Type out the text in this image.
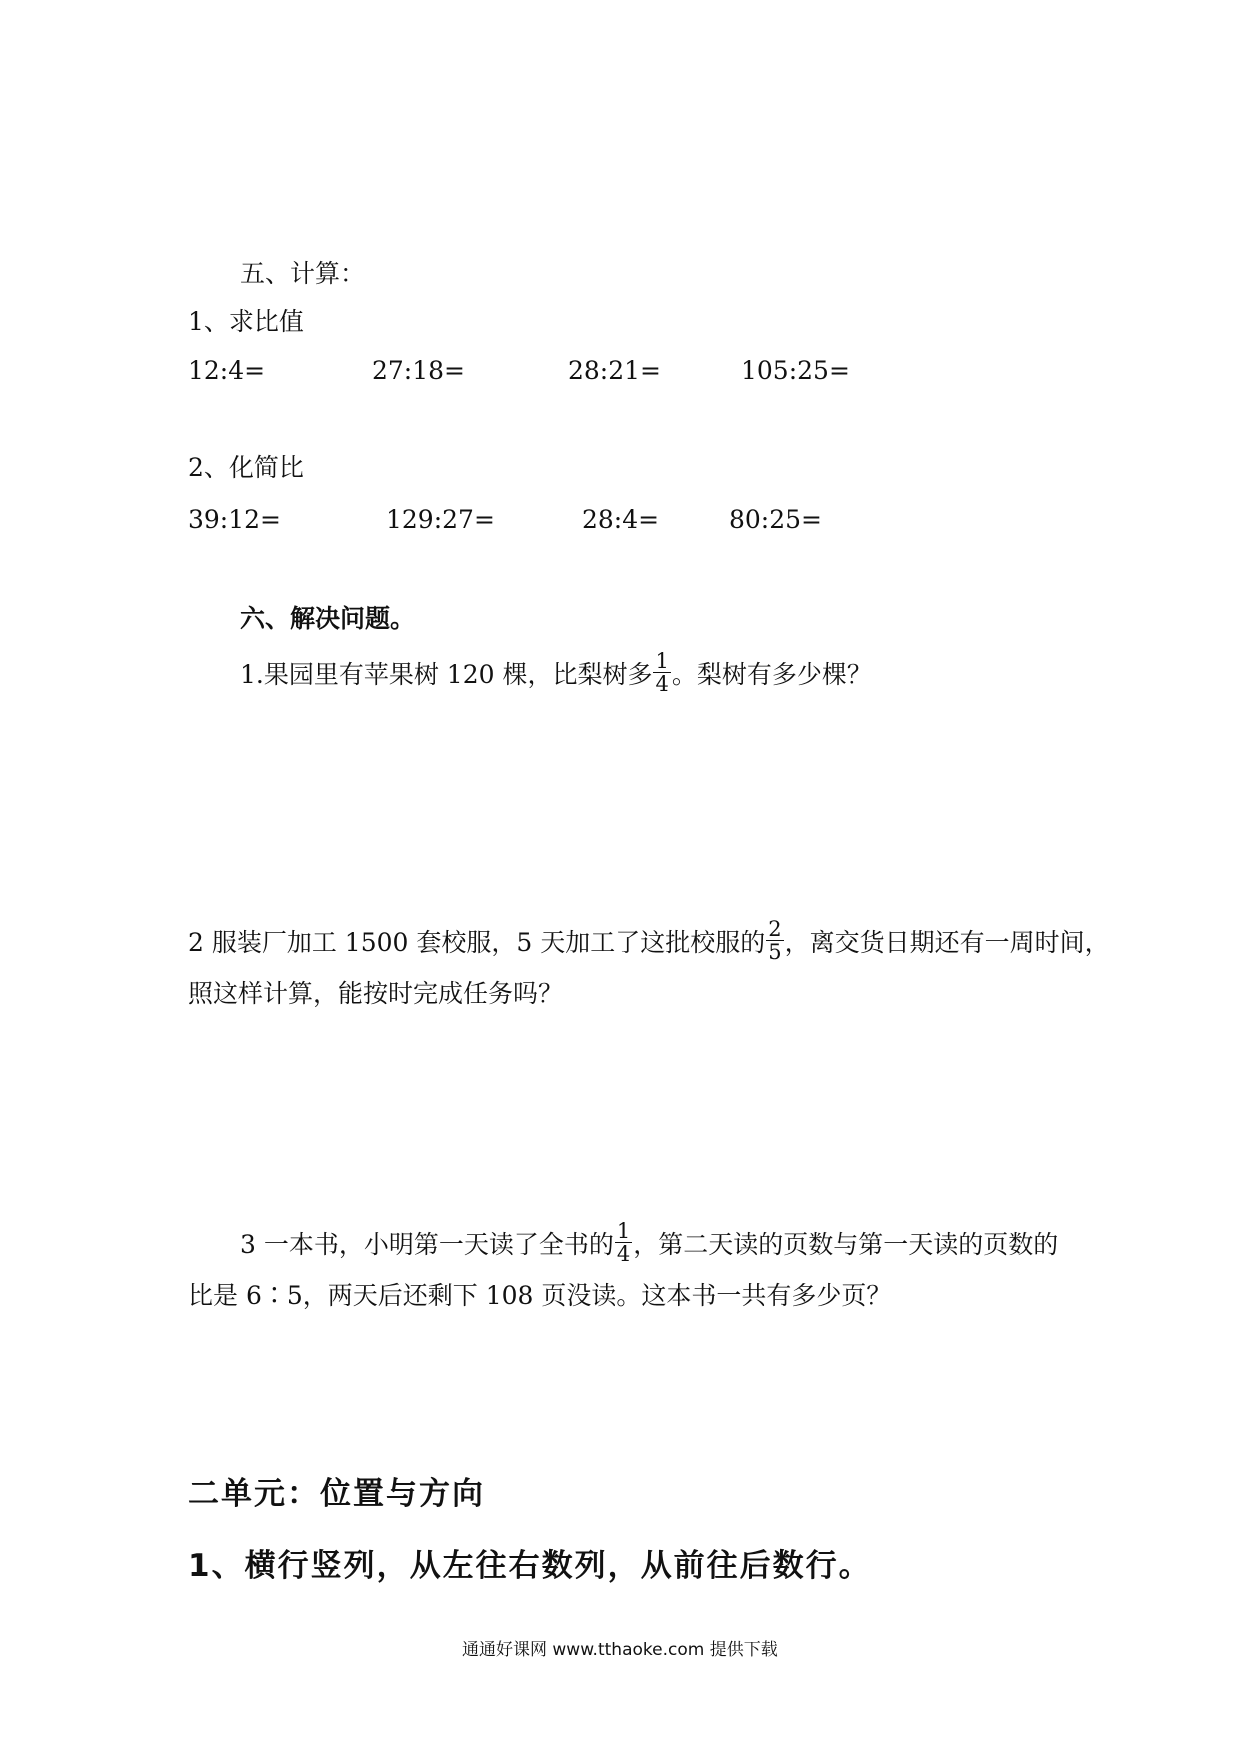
五、计算：
1、求比值
12:4=	27:18=	28:21=	105:25=
2、化简比
39:12=	129:27=	28:4=	80:25=
六、解决问题。
1.果园里有苹果树 120 棵，比梨树多 $\frac{1}{4}$ 。梨树有多少棵？
2 服装厂加工 1500 套校服，5 天加工了这批校服的 $\frac{2}{5}$ ，离交货日期还有一周时间，
照这样计算，能按时完成任务吗？
3 一本书，小明第一天读了全书的 $\frac{1}{4}$ ，第二天读的页数与第一天读的页数的
比是 6∶5，两天后还剩下 108 页没读。这本书一共有多少页？
二单元：位置与方向
1、横行竖列，从左往右数列，从前往后数行。
通通好课网 www.tthaoke.com 提供下载
